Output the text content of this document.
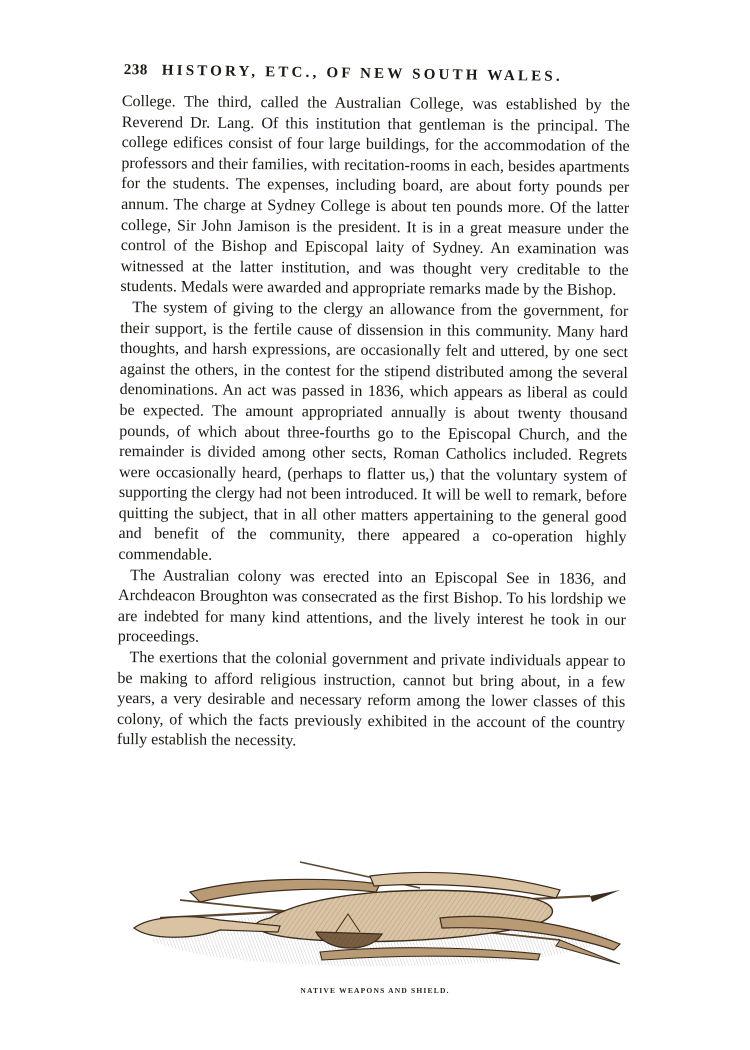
238 HISTORY, ETC., OF NEW SOUTH WALES.

College. The third, called the Australian College, was established by the Reverend Dr. Lang. Of this institution that gentleman is the principal. The college edifices consist of four large buildings, for the accommodation of the professors and their families, with recitation-rooms in each, besides apartments for the students. The expenses, including board, are about forty pounds per annum. The charge at Sydney College is about ten pounds more. Of the latter college, Sir John Jamison is the president. It is in a great measure under the control of the Bishop and Episcopal laity of Sydney. An examination was witnessed at the latter institution, and was thought very creditable to the students. Medals were awarded and appropriate remarks made by the Bishop.

The system of giving to the clergy an allowance from the government, for their support, is the fertile cause of dissension in this community. Many hard thoughts, and harsh expressions, are occasionally felt and uttered, by one sect against the others, in the contest for the stipend distributed among the several denominations. An act was passed in 1836, which appears as liberal as could be expected. The amount appropriated annually is about twenty thousand pounds, of which about three-fourths go to the Episcopal Church, and the remainder is divided among other sects, Roman Catholics included. Regrets were occasionally heard, (perhaps to flatter us,) that the voluntary system of supporting the clergy had not been introduced. It will be well to remark, before quitting the subject, that in all other matters appertaining to the general good and benefit of the community, there appeared a co-operation highly commendable.

The Australian colony was erected into an Episcopal See in 1836, and Archdeacon Broughton was consecrated as the first Bishop. To his lordship we are indebted for many kind attentions, and the lively interest he took in our proceedings.

The exertions that the colonial government and private individuals appear to be making to afford religious instruction, cannot but bring about, in a few years, a very desirable and necessary reform among the lower classes of this colony, of which the facts previously exhibited in the account of the country fully establish the necessity.

NATIVE WEAPONS AND SHIELD.
